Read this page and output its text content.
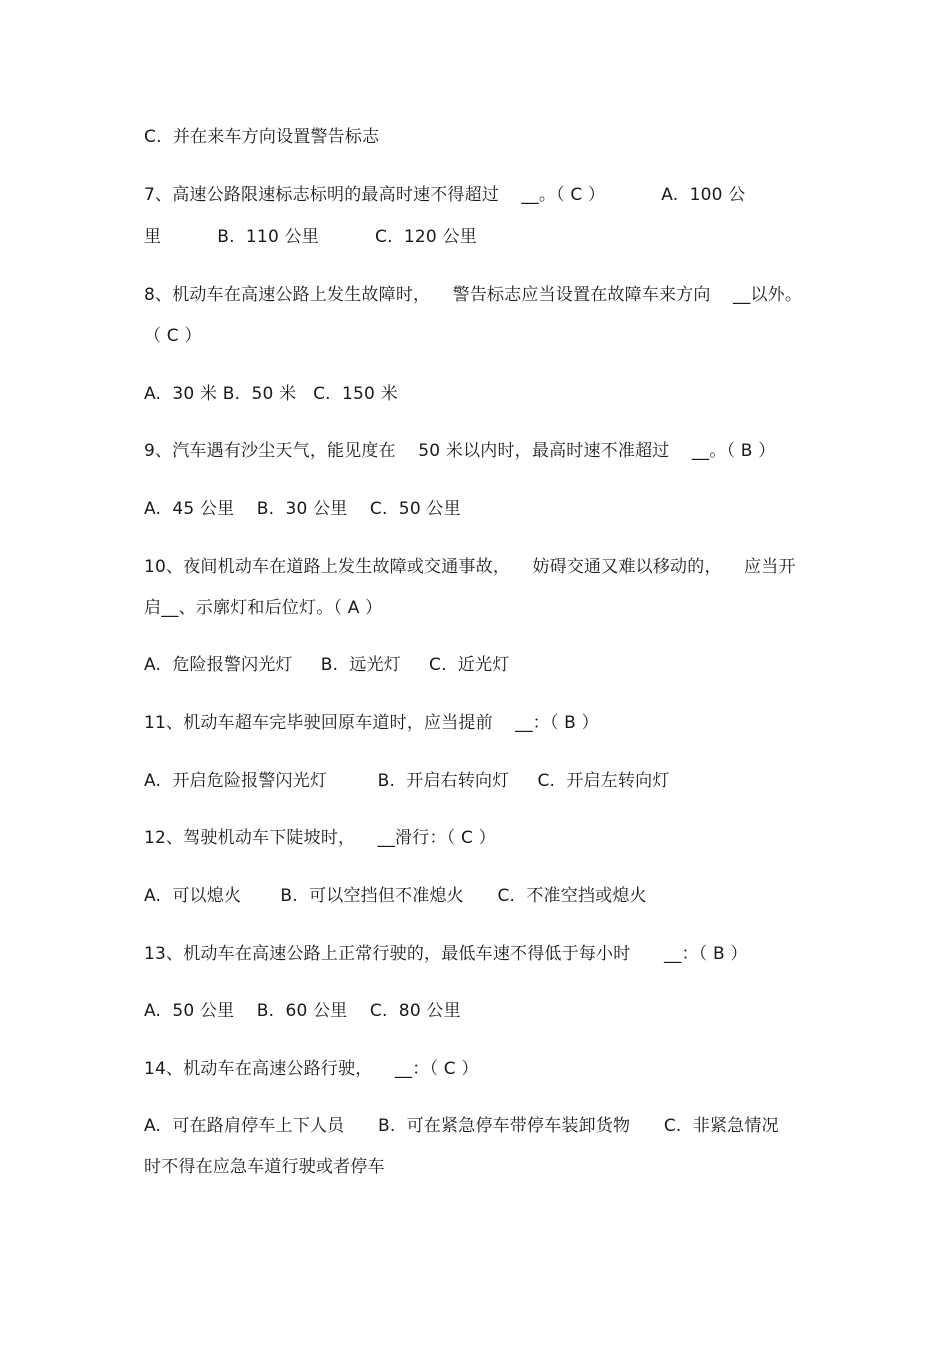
C.  并在来车方向设置警告标志
7、高速公路限速标志标明的最高时速不得超过    __。（ C ）          A.  100 公
里          B.  110 公里          C.  120 公里
8、机动车在高速公路上发生故障时，    警告标志应当设置在故障车来方向    __以外。
（ C ）
A.  30 米 B.  50 米   C.  150 米
9、汽车遇有沙尘天气，能见度在    50 米以内时，最高时速不准超过    __。（ B ）
A.  45 公里    B.  30 公里    C.  50 公里
10、夜间机动车在道路上发生故障或交通事故，    妨碍交通又难以移动的，    应当开
启__、示廓灯和后位灯。（ A ）
A.  危险报警闪光灯     B.  远光灯     C.  近光灯
11、机动车超车完毕驶回原车道时，应当提前    __：（ B ）
A.  开启危险报警闪光灯         B.  开启右转向灯     C.  开启左转向灯
12、驾驶机动车下陡坡时，    __滑行：（ C ）
A.  可以熄火       B.  可以空挡但不准熄火      C.  不准空挡或熄火
13、机动车在高速公路上正常行驶的，最低车速不得低于每小时      __：（ B ）
A.  50 公里    B.  60 公里    C.  80 公里
14、机动车在高速公路行驶，    __：（ C ）
A.  可在路肩停车上下人员      B.  可在紧急停车带停车装卸货物      C.  非紧急情况
时不得在应急车道行驶或者停车
